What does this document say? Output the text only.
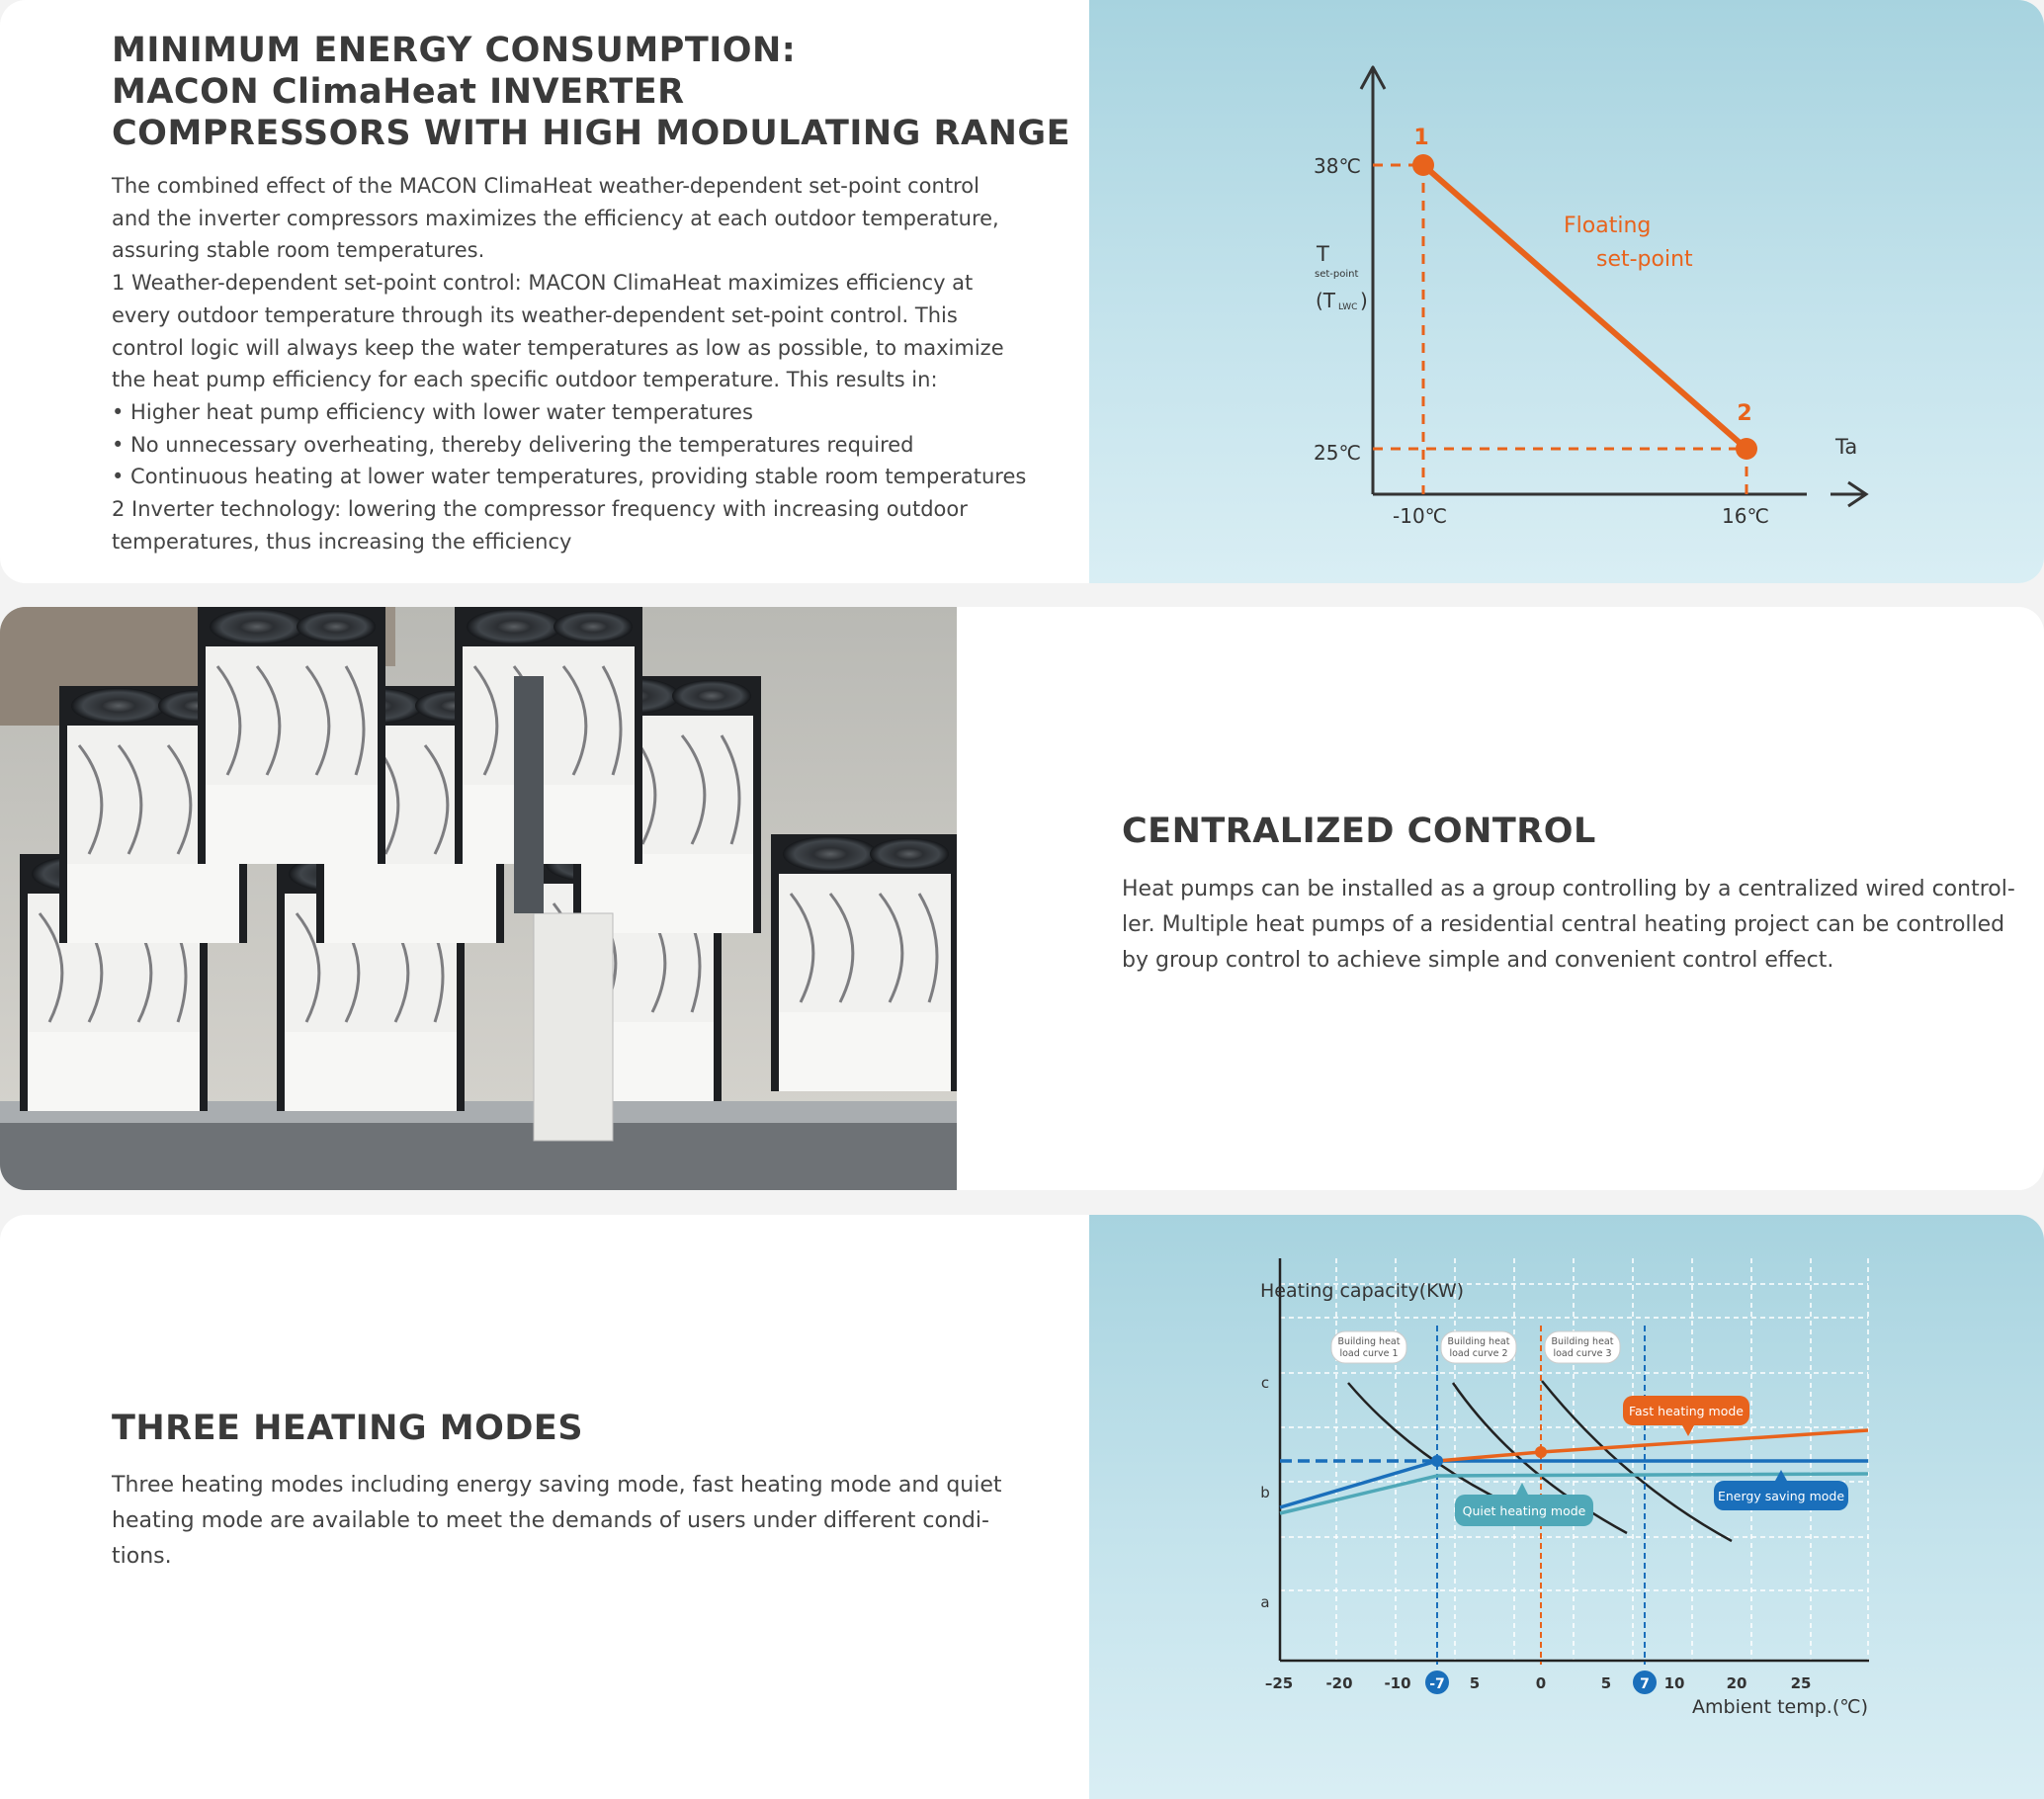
MINIMUM ENERGY CONSUMPTION:
MACON ClimaHeat INVERTER
COMPRESSORS WITH HIGH MODULATING RANGE
The combined effect of the MACON ClimaHeat weather-dependent set-point control
and the inverter compressors maximizes the efficiency at each outdoor temperature,
assuring stable room temperatures.
1 Weather-dependent set-point control: MACON ClimaHeat maximizes efficiency at
every outdoor temperature through its weather-dependent set-point control. This
control logic will always keep the water temperatures as low as possible, to maximize
the heat pump efficiency for each specific outdoor temperature. This results in:
• Higher heat pump efficiency with lower water temperatures
• No unnecessary overheating, thereby delivering the temperatures required
• Continuous heating at lower water temperatures, providing stable room temperatures
2 Inverter technology: lowering the compressor frequency with increasing outdoor
temperatures, thus increasing the efficiency
1
2
Floating
set-point
38℃
25℃
-10℃	16℃
Ta
T
set-point
(T LWC )
CENTRALIZED CONTROL
Heat pumps can be installed as a group controlling by a centralized wired control-
ler. Multiple heat pumps of a residential central heating project can be controlled
by group control to achieve simple and convenient control effect.
THREE HEATING MODES
Three heating modes including energy saving mode, fast heating mode and quiet
heating mode are available to meet the demands of users under different condi-
tions.
Building heat
load curve 1
Building heat
load curve 2
Building heat
load curve 3
Fast heating mode
Energy saving mode
Quiet heating mode
Heating capacity(KW)
Ambient temp.(℃)
c
b
a
–25 -20 -10 -7 5	0	5 7 10	20	25
